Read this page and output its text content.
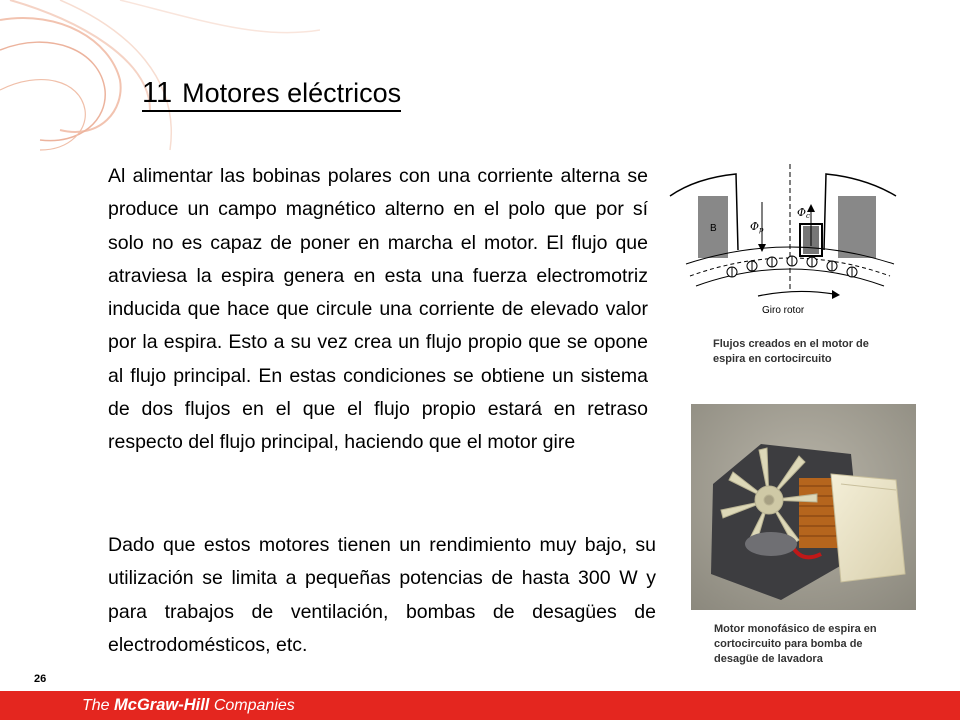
11 Motores eléctricos
Al alimentar las bobinas polares con una corriente alterna se produce un campo magnético alterno en el polo que por sí solo no es capaz de poner en marcha el motor. El flujo que atraviesa la espira genera en esta una fuerza electromotriz inducida que hace que circule una corriente de elevado valor por la espira. Esto a su vez crea un flujo propio que se opone al flujo principal. En estas condiciones se obtiene un sistema de dos flujos en el que el flujo propio estará en retraso respecto del flujo principal, haciendo que el motor gire
B	Φp
Φc
Giro rotor
Flujos creados en el motor de espira en cortocircuito
Motor monofásico de espira en cortocircuito para bomba de desagüe de lavadora
Dado que estos motores tienen un rendimiento muy bajo, su utilización se limita a pequeñas potencias de hasta 300 W y para trabajos de ventilación, bombas de desagües de electrodomésticos, etc.
26
The McGraw-Hill Companies
